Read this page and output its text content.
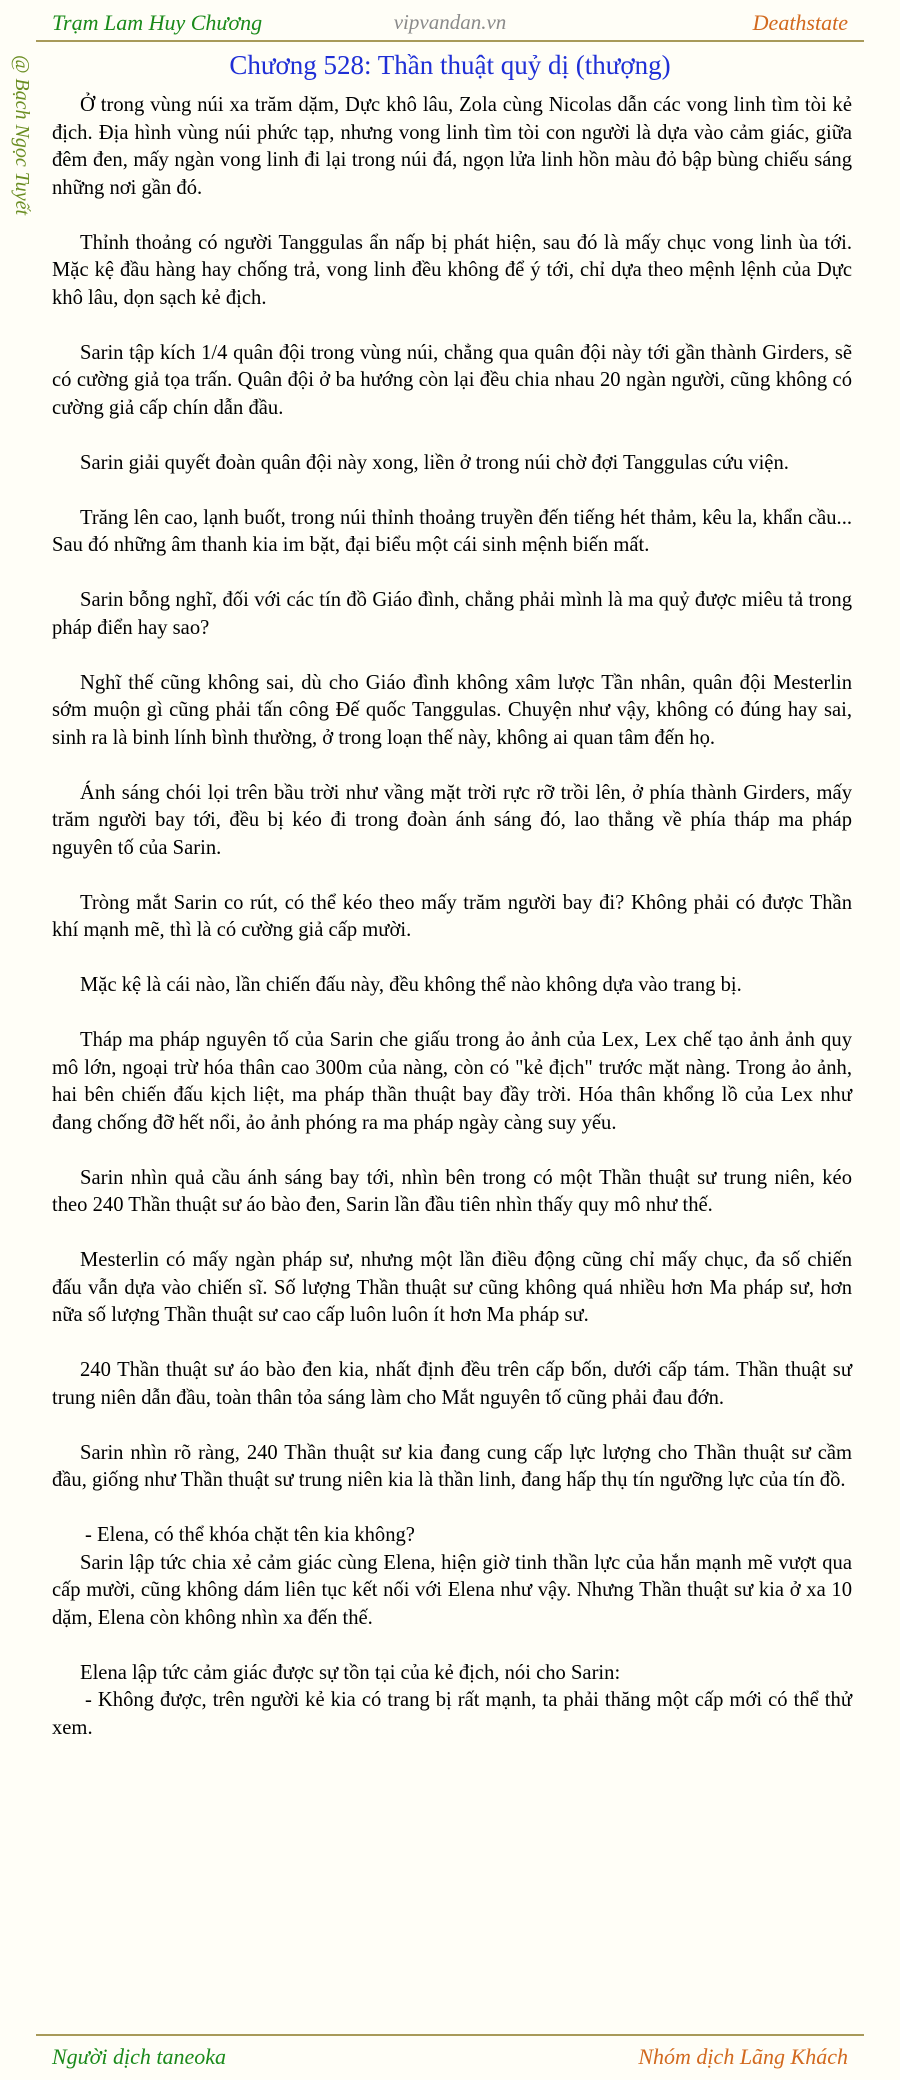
Trạm Lam Huy Chương	vipvandan.vn	Deathstate
@ Bạch Ngọc Tuyết	Chương 528: Thần thuật quỷ dị (thượng)

Ở trong vùng núi xa trăm dặm, Dực khô lâu, Zola cùng Nicolas dẫn các vong linh tìm tòi kẻ địch. Địa hình vùng núi phức tạp, nhưng vong linh tìm tòi con người là dựa vào cảm giác, giữa đêm đen, mấy ngàn vong linh đi lại trong núi đá, ngọn lửa linh hồn màu đỏ bập bùng chiếu sáng những nơi gần đó.

Thỉnh thoảng có người Tanggulas ẩn nấp bị phát hiện, sau đó là mấy chục vong linh ùa tới. Mặc kệ đầu hàng hay chống trả, vong linh đều không để ý tới, chỉ dựa theo mệnh lệnh của Dực khô lâu, dọn sạch kẻ địch.

Sarin tập kích 1/4 quân đội trong vùng núi, chẳng qua quân đội này tới gần thành Girders, sẽ có cường giả tọa trấn. Quân đội ở ba hướng còn lại đều chia nhau 20 ngàn người, cũng không có cường giả cấp chín dẫn đầu.

Sarin giải quyết đoàn quân đội này xong, liền ở trong núi chờ đợi Tanggulas cứu viện.

Trăng lên cao, lạnh buốt, trong núi thỉnh thoảng truyền đến tiếng hét thảm, kêu la, khẩn cầu... Sau đó những âm thanh kia im bặt, đại biểu một cái sinh mệnh biến mất.

Sarin bỗng nghĩ, đối với các tín đồ Giáo đình, chẳng phải mình là ma quỷ được miêu tả trong pháp điển hay sao?

Nghĩ thế cũng không sai, dù cho Giáo đình không xâm lược Tần nhân, quân đội Mesterlin sớm muộn gì cũng phải tấn công Đế quốc Tanggulas. Chuyện như vậy, không có đúng hay sai, sinh ra là binh lính bình thường, ở trong loạn thế này, không ai quan tâm đến họ.

Ánh sáng chói lọi trên bầu trời như vầng mặt trời rực rỡ trồi lên, ở phía thành Girders, mấy trăm người bay tới, đều bị kéo đi trong đoàn ánh sáng đó, lao thẳng về phía tháp ma pháp nguyên tố của Sarin.

Tròng mắt Sarin co rút, có thể kéo theo mấy trăm người bay đi? Không phải có được Thần khí mạnh mẽ, thì là có cường giả cấp mười.

Mặc kệ là cái nào, lần chiến đấu này, đều không thể nào không dựa vào trang bị.

Tháp ma pháp nguyên tố của Sarin che giấu trong ảo ảnh của Lex, Lex chế tạo ảnh ảnh quy mô lớn, ngoại trừ hóa thân cao 300m của nàng, còn có "kẻ địch" trước mặt nàng. Trong ảo ảnh, hai bên chiến đấu kịch liệt, ma pháp thần thuật bay đầy trời. Hóa thân khổng lồ của Lex như đang chống đỡ hết nổi, ảo ảnh phóng ra ma pháp ngày càng suy yếu.

Sarin nhìn quả cầu ánh sáng bay tới, nhìn bên trong có một Thần thuật sư trung niên, kéo theo 240 Thần thuật sư áo bào đen, Sarin lần đầu tiên nhìn thấy quy mô như thế.

Mesterlin có mấy ngàn pháp sư, nhưng một lần điều động cũng chỉ mấy chục, đa số chiến đấu vẫn dựa vào chiến sĩ. Số lượng Thần thuật sư cũng không quá nhiều hơn Ma pháp sư, hơn nữa số lượng Thần thuật sư cao cấp luôn luôn ít hơn Ma pháp sư.

240 Thần thuật sư áo bào đen kia, nhất định đều trên cấp bốn, dưới cấp tám. Thần thuật sư trung niên dẫn đầu, toàn thân tỏa sáng làm cho Mắt nguyên tố cũng phải đau đớn.

Sarin nhìn rõ ràng, 240 Thần thuật sư kia đang cung cấp lực lượng cho Thần thuật sư cầm đầu, giống như Thần thuật sư trung niên kia là thần linh, đang hấp thụ tín ngưỡng lực của tín đồ.

- Elena, có thể khóa chặt tên kia không?

Sarin lập tức chia xẻ cảm giác cùng Elena, hiện giờ tinh thần lực của hắn mạnh mẽ vượt qua cấp mười, cũng không dám liên tục kết nối với Elena như vậy. Nhưng Thần thuật sư kia ở xa 10 dặm, Elena còn không nhìn xa đến thế.

Elena lập tức cảm giác được sự tồn tại của kẻ địch, nói cho Sarin:

- Không được, trên người kẻ kia có trang bị rất mạnh, ta phải thăng một cấp mới có thể thử xem.

Người dịch taneoka	Nhóm dịch Lãng Khách
